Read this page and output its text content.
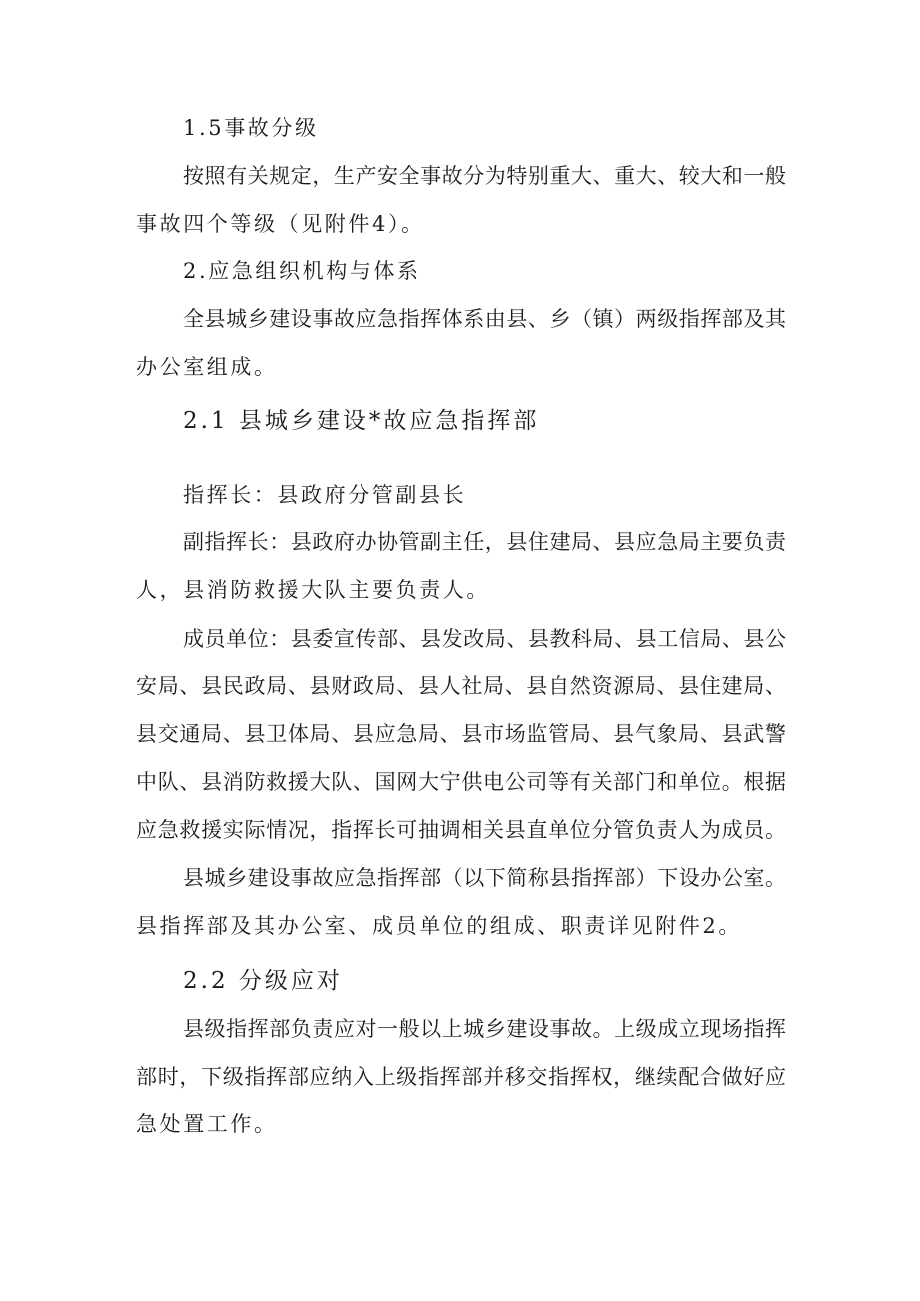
1.5事故分级
按照有关规定，生产安全事故分为特别重大、重大、较大和一般
事故四个等级（见附件4）。
2.应急组织机构与体系
全县城乡建设事故应急指挥体系由县、乡（镇）两级指挥部及其
办公室组成。
2.1 县城乡建设*故应急指挥部
指挥长：县政府分管副县长
副指挥长：县政府办协管副主任，县住建局、县应急局主要负责
人，县消防救援大队主要负责人。
成员单位：县委宣传部、县发改局、县教科局、县工信局、县公
安局、县民政局、县财政局、县人社局、县自然资源局、县住建局、
县交通局、县卫体局、县应急局、县市场监管局、县气象局、县武警
中队、县消防救援大队、国网大宁供电公司等有关部门和单位。根据
应急救援实际情况，指挥长可抽调相关县直单位分管负责人为成员。
县城乡建设事故应急指挥部（以下简称县指挥部）下设办公室。
县指挥部及其办公室、成员单位的组成、职责详见附件2。
2.2 分级应对
县级指挥部负责应对一般以上城乡建设事故。上级成立现场指挥
部时，下级指挥部应纳入上级指挥部并移交指挥权，继续配合做好应
急处置工作。
